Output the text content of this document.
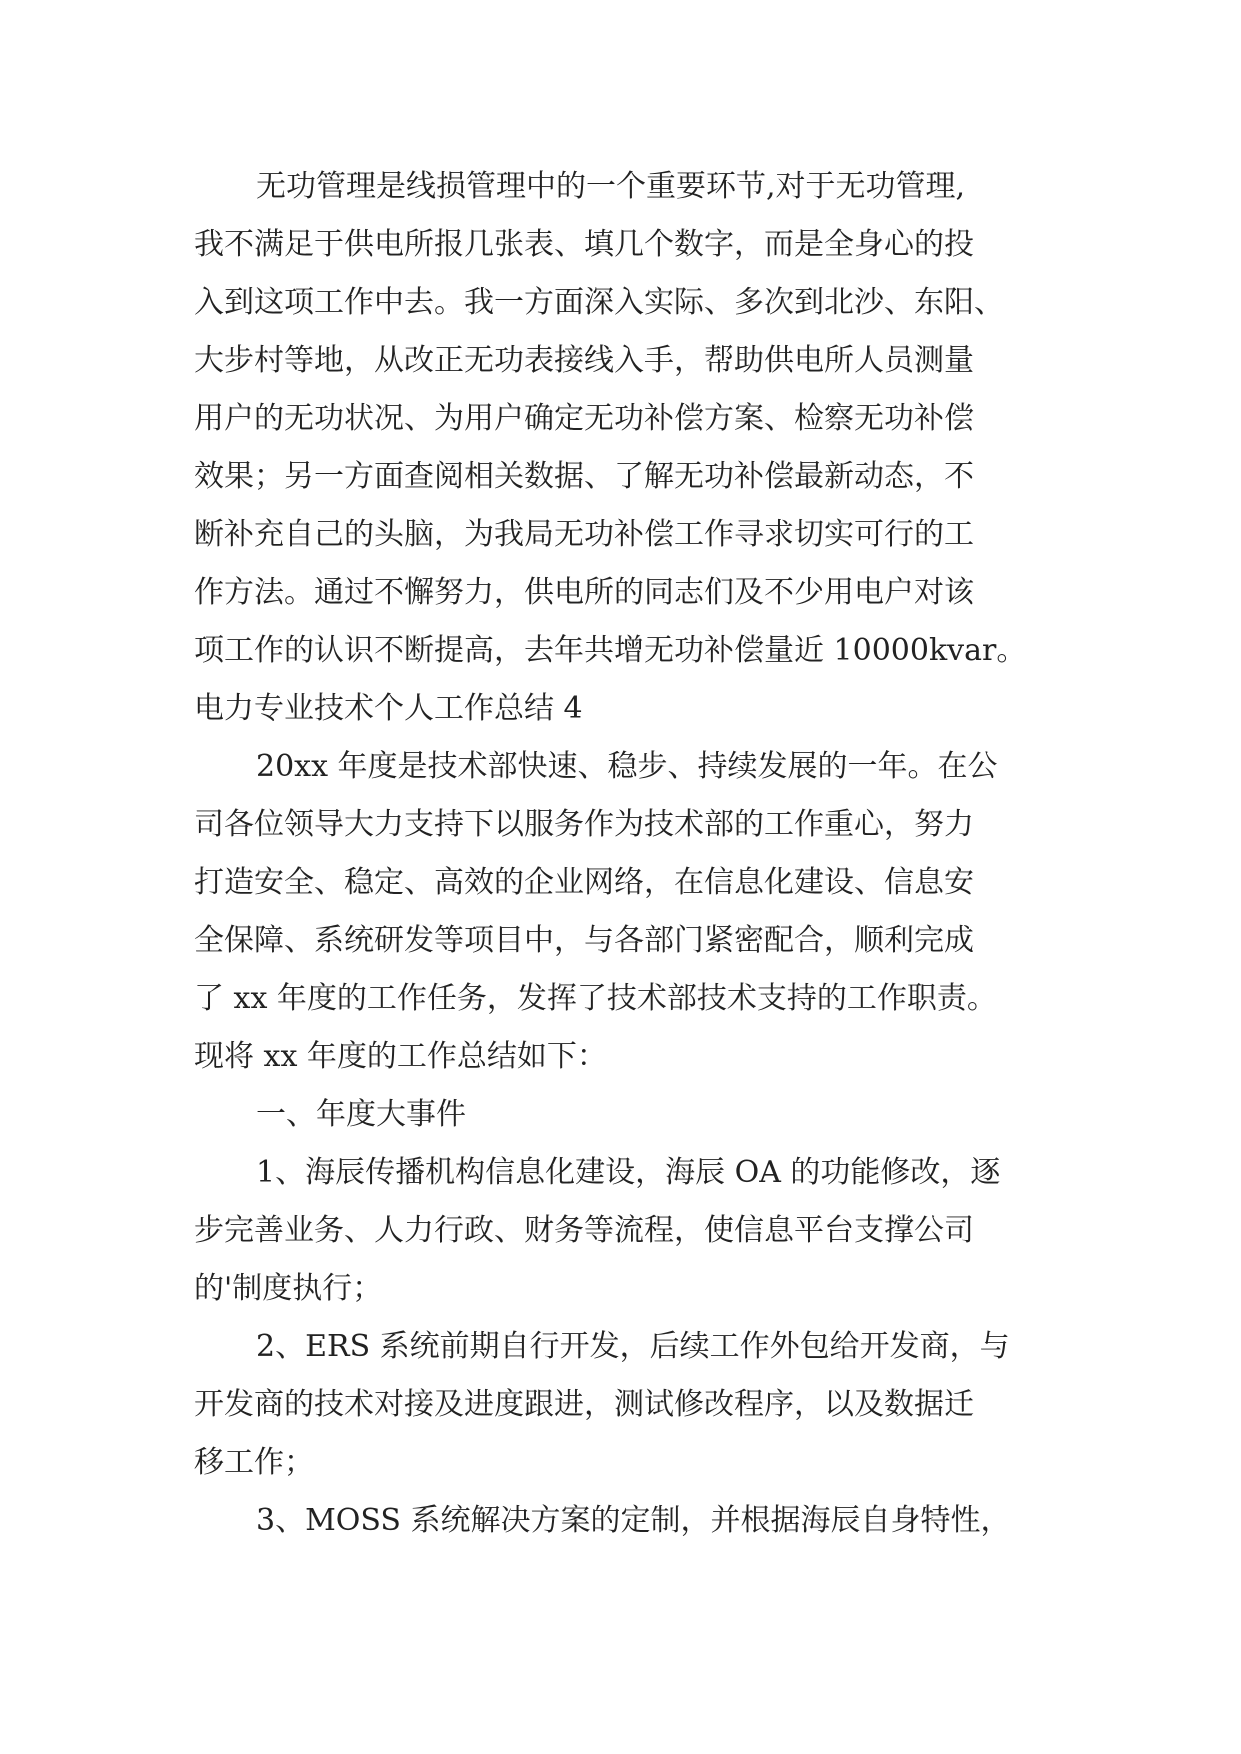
无功管理是线损管理中的一个重要环节,对于无功管理,
我不满足于供电所报几张表、填几个数字，而是全身心的投
入到这项工作中去。我一方面深入实际、多次到北沙、东阳、
大步村等地，从改正无功表接线入手，帮助供电所人员测量
用户的无功状况、为用户确定无功补偿方案、检察无功补偿
效果；另一方面查阅相关数据、了解无功补偿最新动态，不
断补充自己的头脑，为我局无功补偿工作寻求切实可行的工
作方法。通过不懈努力，供电所的同志们及不少用电户对该
项工作的认识不断提高，去年共增无功补偿量近 10000kvar。
电力专业技术个人工作总结 4
20xx 年度是技术部快速、稳步、持续发展的一年。在公
司各位领导大力支持下以服务作为技术部的工作重心，努力
打造安全、稳定、高效的企业网络，在信息化建设、信息安
全保障、系统研发等项目中，与各部门紧密配合，顺利完成
了 xx 年度的工作任务，发挥了技术部技术支持的工作职责。
现将 xx 年度的工作总结如下：
一、年度大事件
1、海辰传播机构信息化建设，海辰 OA 的功能修改，逐
步完善业务、人力行政、财务等流程，使信息平台支撑公司
的'制度执行；
2、ERS 系统前期自行开发，后续工作外包给开发商，与
开发商的技术对接及进度跟进，测试修改程序，以及数据迁
移工作；
3、MOSS 系统解决方案的定制，并根据海辰自身特性，
